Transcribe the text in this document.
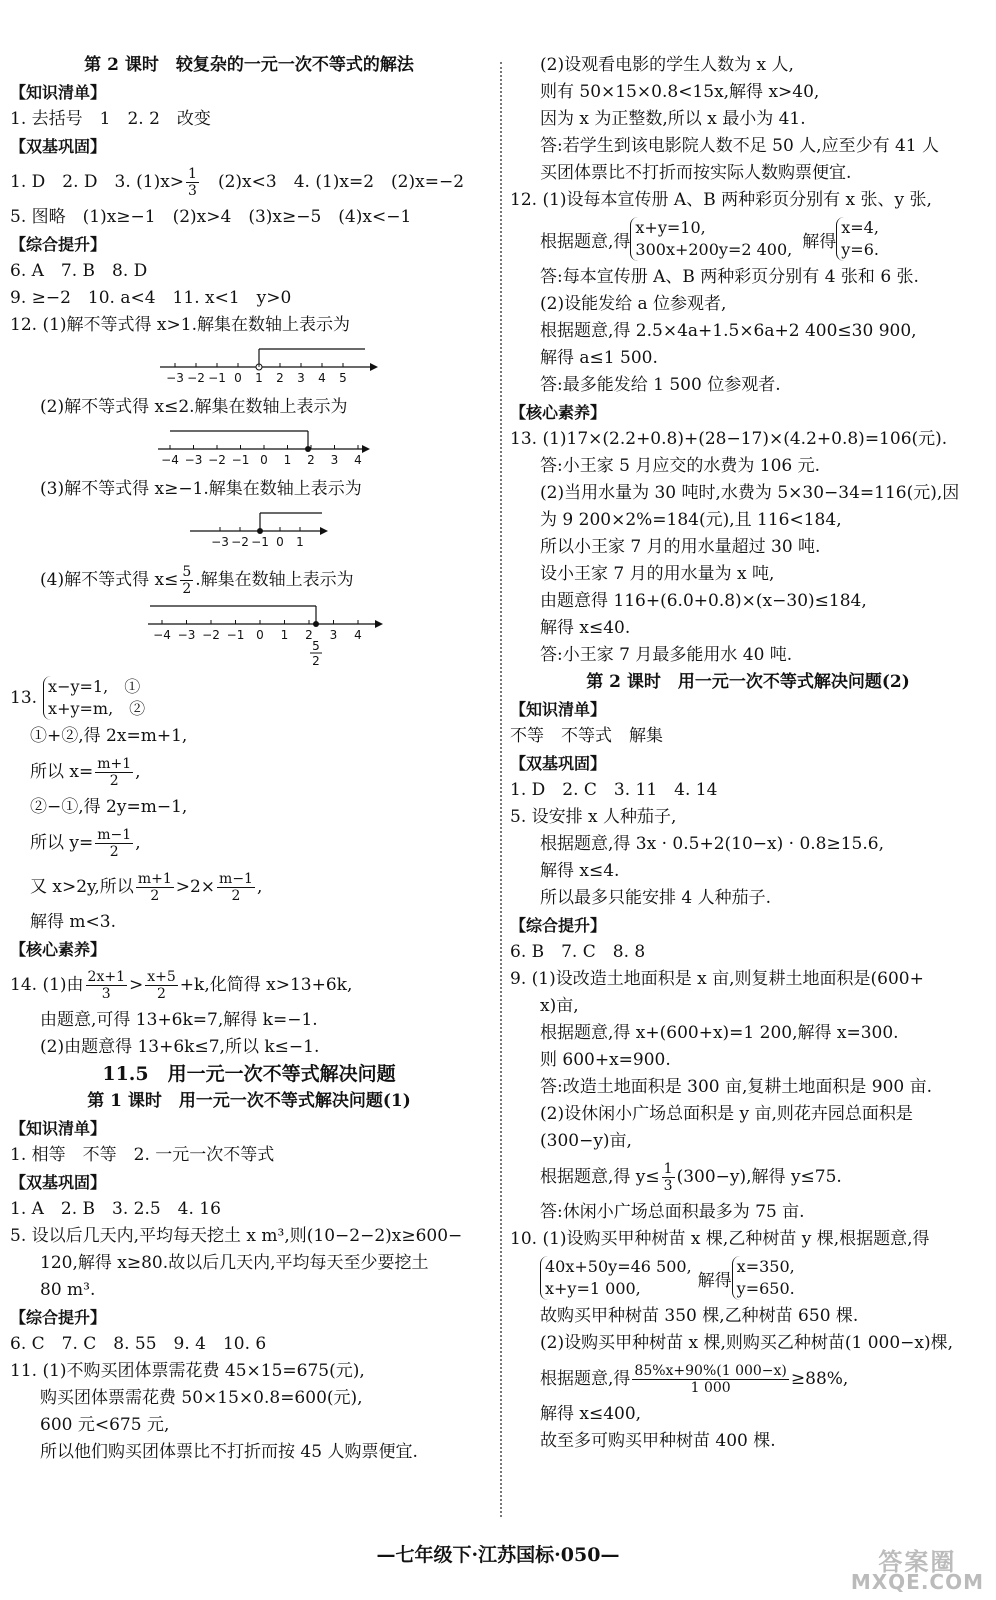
第 2 课时　较复杂的一元一次不等式的解法
【知识清单】
1. 去括号　1　2. 2　改变
【双基巩固】
1. D　2. D　3. $(1)x> \frac{1}{3}$ 　(2)x<3　4. (1)x=2　(2)x=−2
5. 图略　(1)x≥−1　(2)x>4　(3)x≥−5　(4)x<−1
【综合提升】
6. A　7. B　8. D
9. ≥−2　10. a<4　11. x<1　y>0
12. (1)解不等式得 x>1.解集在数轴上表示为
−3 −2 −1 0 1 2 3 4 5
(2)解不等式得 x≤2.解集在数轴上表示为
−4 −3 −2 −1 0 1 2 3 4
(3)解不等式得 x≥−1.解集在数轴上表示为
−3 −2 −1 0 1
(4)解不等式得 $x\le \frac{5}{2}$ .解集在数轴上表示为
−4 −3 −2 −1 0 1 2 3 4
5
2
13.
x−y=1,　①
x+y=m,　②
①+②,得 2x=m+1,
所以 $x= \frac{m+1}{2}$ ,
②−①,得 2y=m−1,
所以 $y= \frac{m-1}{2}$ ,
又 x>2y,所以 $\frac{m+1}{2} >2\times \frac{m-1}{2}$ ,
解得 m<3.
【核心素养】
14. (1)由 $\frac{2x+1}{3} > \frac{x+5}{2} +k$,化简得 x>13+6k,
由题意,可得 13+6k=7,解得 k=−1.
(2)由题意得 13+6k≤7,所以 k≤−1.
11.5　用一元一次不等式解决问题
第 1 课时　用一元一次不等式解决问题(1)
【知识清单】
1. 相等　不等　2. 一元一次不等式
【双基巩固】
1. A　2. B　3. 2.5　4. 16
5. 设以后几天内,平均每天挖土 x m³,则(10−2−2)x≥600−
120,解得 x≥80.故以后几天内,平均每天至少要挖土
80 m³.
【综合提升】
6. C　7. C　8. 55　9. 4　10. 6
11. (1)不购买团体票需花费 45×15=675(元),
购买团体票需花费 50×15×0.8=600(元),
600 元<675 元,
所以他们购买团体票比不打折而按 45 人购票便宜.
(2)设观看电影的学生人数为 x 人,
则有 50×15×0.8<15x,解得 x>40,
因为 x 为正整数,所以 x 最小为 41.
答:若学生到该电影院人数不足 50 人,应至少有 41 人
买团体票比不打折而按实际人数购票便宜.
12. (1)设每本宣传册 A、B 两种彩页分别有 x 张、y 张,
根据题意,得
x+y=10,
300x+200y=2 400, 解得
x=4,
y=6.
答:每本宣传册 A、B 两种彩页分别有 4 张和 6 张.
(2)设能发给 a 位参观者,
根据题意,得 2.5×4a+1.5×6a+2 400≤30 900,
解得 a≤1 500.
答:最多能发给 1 500 位参观者.
【核心素养】
13. (1)17×(2.2+0.8)+(28−17)×(4.2+0.8)=106(元).
答:小王家 5 月应交的水费为 106 元.
(2)当用水量为 30 吨时,水费为 5×30−34=116(元),因
为 9 200×2%=184(元),且 116<184,
所以小王家 7 月的用水量超过 30 吨.
设小王家 7 月的用水量为 x 吨,
由题意得 116+(6.0+0.8)×(x−30)≤184,
解得 x≤40.
答:小王家 7 月最多能用水 40 吨.
第 2 课时　用一元一次不等式解决问题(2)
【知识清单】
不等　不等式　解集
【双基巩固】
1. D　2. C　3. 11　4. 14
5. 设安排 x 人种茄子,
根据题意,得 3x · 0.5+2(10−x) · 0.8≥15.6,
解得 x≤4.
所以最多只能安排 4 人种茄子.
【综合提升】
6. B　7. C　8. 8
9. (1)设改造土地面积是 x 亩,则复耕土地面积是(600+
x)亩,
根据题意,得 x+(600+x)=1 200,解得 x=300.
则 600+x=900.
答:改造土地面积是 300 亩,复耕土地面积是 900 亩.
(2)设休闲小广场总面积是 y 亩,则花卉园总面积是
(300−y)亩,
根据题意,得 $y\le \frac{1}{3} (300-y)$,解得 y≤75.
答:休闲小广场总面积最多为 75 亩.
10. (1)设购买甲种树苗 x 棵,乙种树苗 y 棵,根据题意,得
40x+50y=46 500,
x+y=1 000,	解得
x=350,
y=650.
故购买甲种树苗 350 棵,乙种树苗 650 棵.
(2)设购买甲种树苗 x 棵,则购买乙种树苗(1 000−x)棵,
根据题意,得 $\frac{85\%x+90\%(1 000-x)}{1 000} \ge 88\%$,
解得 x≤400,
故至多可购买甲种树苗 400 棵.
—七年级下·江苏国标·050—	答案圈
MXQE.COM
